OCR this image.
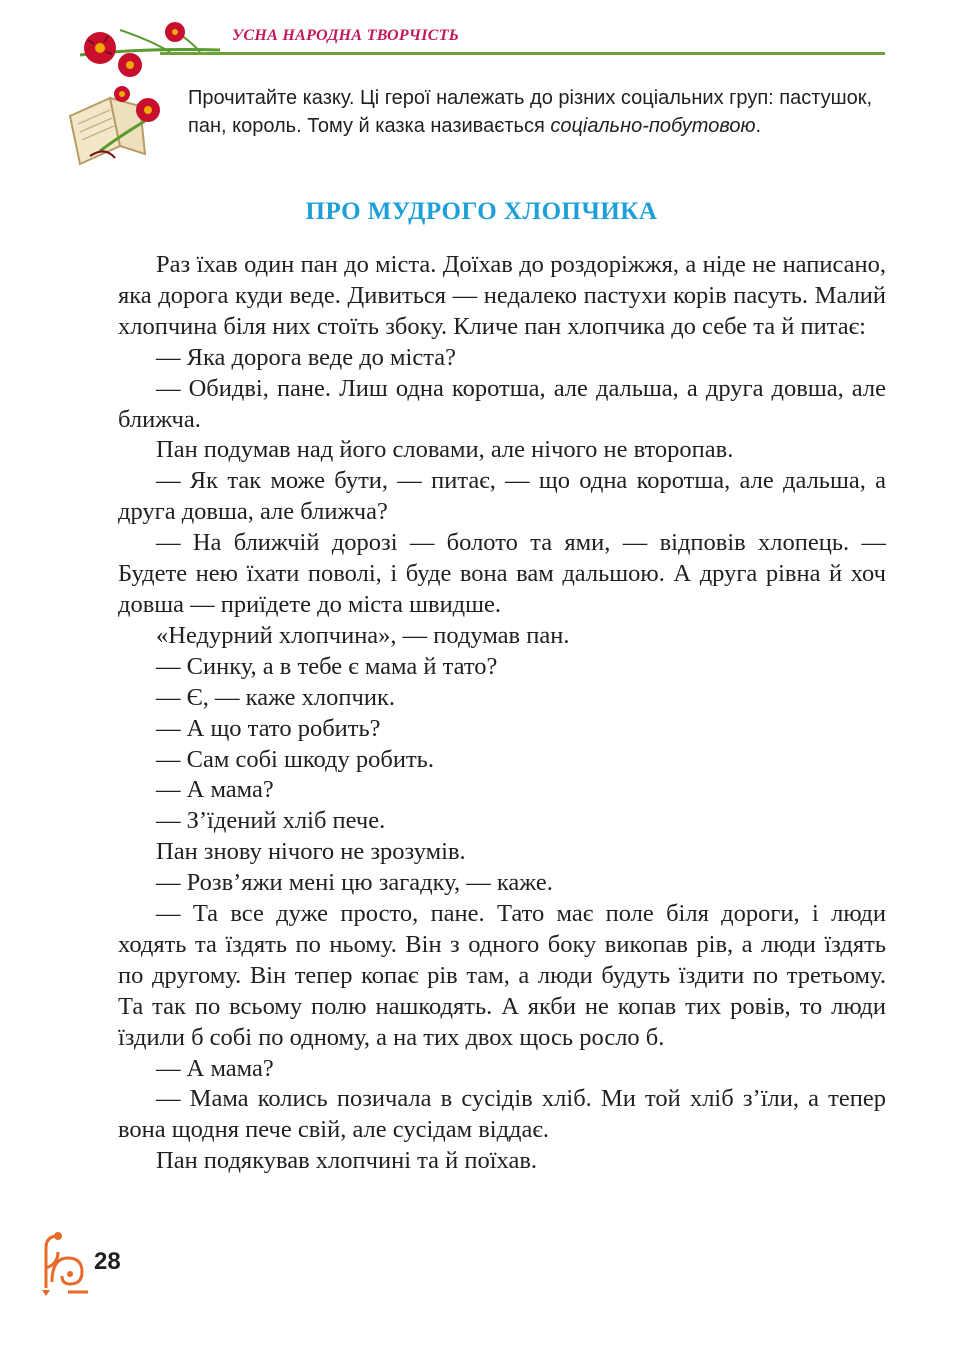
УСНА НАРОДНА ТВОРЧІСТЬ
Прочитайте казку. Ці герої належать до різних соціальних груп: пастушок, пан, король. Тому й казка називається соціально-побутовою.
ПРО МУДРОГО ХЛОПЧИКА

Раз їхав один пан до міста. Доїхав до роздоріжжя, а ніде не написано, яка дорога куди веде. Дивиться — недалеко пастухи корів пасуть. Малий хлопчина біля них стоїть збоку. Кличе пан хлопчика до себе та й питає:

— Яка дорога веде до міста?

— Обидві, пане. Лиш одна коротша, але дальша, а друга довша, але ближча.

Пан подумав над його словами, але нічого не второпав.

— Як так може бути, — питає, — що одна коротша, але дальша, а друга довша, але ближча?

— На ближчій дорозі — болото та ями, — відповів хлопець. — Будете нею їхати поволі, і буде вона вам дальшою. А друга рівна й хоч довша — приїдете до міста швидше.

«Недурний хлопчина», — подумав пан.

— Синку, а в тебе є мама й тато?

— Є, — каже хлопчик.

— А що тато робить?

— Сам собі шкоду робить.

— А мама?

— З’їдений хліб пече.

Пан знову нічого не зрозумів.

— Розв’яжи мені цю загадку, — каже.

— Та все дуже просто, пане. Тато має поле біля дороги, і люди ходять та їздять по ньому. Він з одного боку викопав рів, а люди їздять по другому. Він тепер копає рів там, а люди будуть їздити по третьому. Та так по всьому полю нашкодять. А якби не копав тих ровів, то люди їздили б собі по одному, а на тих двох щось росло б.

— А мама?

— Мама колись позичала в сусідів хліб. Ми той хліб з’їли, а тепер вона щодня пече свій, але сусідам віддає.

Пан подякував хлопчині та й поїхав.

28
